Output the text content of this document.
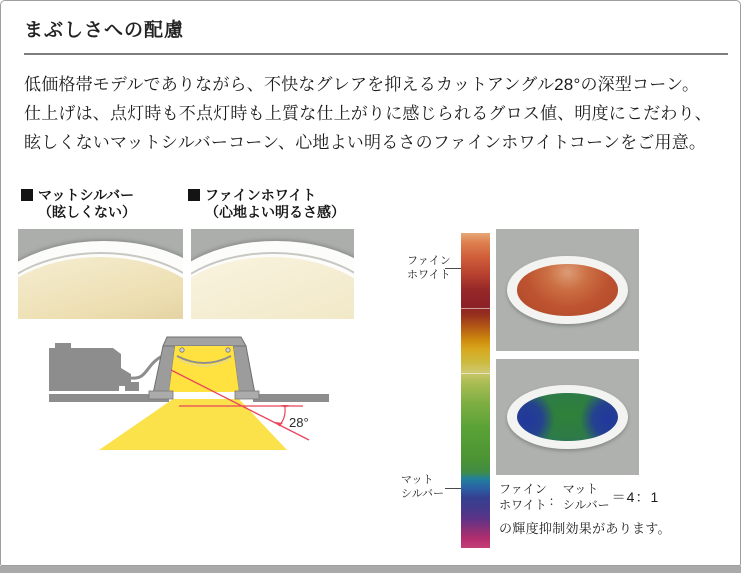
まぶしさへの配慮
低価格帯モデルでありながら、不快なグレアを抑えるカットアングル28°の深型コーン。
仕上げは、点灯時も不点灯時も上質な仕上がりに感じられるグロス値、明度にこだわり、
眩しくないマットシルバーコーン、心地よい明るさのファインホワイトコーンをご用意。
マットシルバー
（眩しくない）
ファインホワイト
（心地よい明るさ感）
28°
ファイン
ホワイト
マット
シルバー	ファイン
ホワイト ：
マット
シルバー ＝4：1
の輝度抑制効果があります。
